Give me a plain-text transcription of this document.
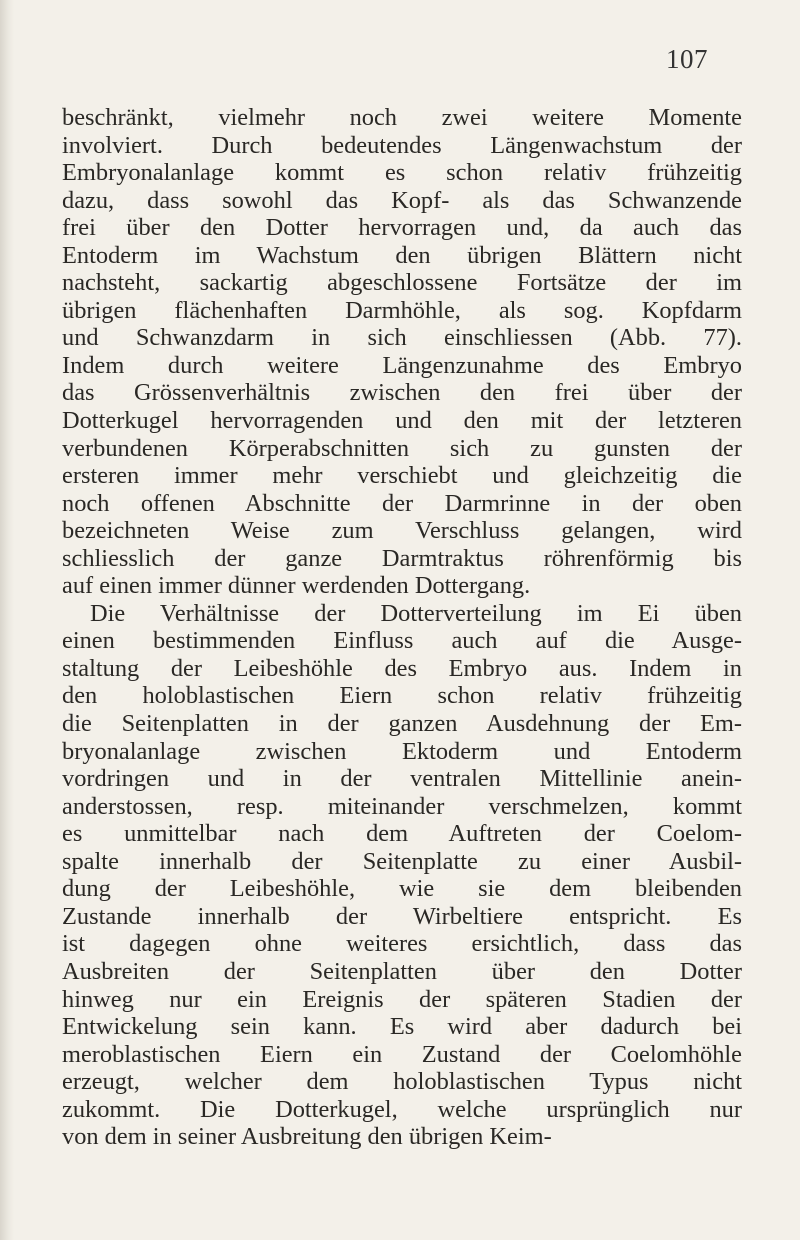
107
beschränkt, vielmehr noch zwei weitere Momente
involviert. Durch bedeutendes Längenwachstum der
Embryonalanlage kommt es schon relativ frühzeitig
dazu, dass sowohl das Kopf- als das Schwanzende
frei über den Dotter hervorragen und, da auch das
Entoderm im Wachstum den übrigen Blättern nicht
nachsteht, sackartig abgeschlossene Fortsätze der im
übrigen flächenhaften Darmhöhle, als sog. Kopfdarm
und Schwanzdarm in sich einschliessen (Abb. 77).
Indem durch weitere Längenzunahme des Embryo
das Grössenverhältnis zwischen den frei über der
Dotterkugel hervorragenden und den mit der letzteren
verbundenen Körperabschnitten sich zu gunsten der
ersteren immer mehr verschiebt und gleichzeitig die
noch offenen Abschnitte der Darmrinne in der oben
bezeichneten Weise zum Verschluss gelangen, wird
schliesslich der ganze Darmtraktus röhrenförmig bis
auf einen immer dünner werdenden Dottergang.
Die Verhältnisse der Dotterverteilung im Ei üben
einen bestimmenden Einfluss auch auf die Ausge-
staltung der Leibeshöhle des Embryo aus. Indem in
den holoblastischen Eiern schon relativ frühzeitig
die Seitenplatten in der ganzen Ausdehnung der Em-
bryonalanlage zwischen Ektoderm und Entoderm
vordringen und in der ventralen Mittellinie anein-
anderstossen, resp. miteinander verschmelzen, kommt
es unmittelbar nach dem Auftreten der Coelom-
spalte innerhalb der Seitenplatte zu einer Ausbil-
dung der Leibeshöhle, wie sie dem bleibenden
Zustande innerhalb der Wirbeltiere entspricht. Es
ist dagegen ohne weiteres ersichtlich, dass das
Ausbreiten der Seitenplatten über den Dotter
hinweg nur ein Ereignis der späteren Stadien der
Entwickelung sein kann. Es wird aber dadurch bei
meroblastischen Eiern ein Zustand der Coelomhöhle
erzeugt, welcher dem holoblastischen Typus nicht
zukommt. Die Dotterkugel, welche ursprünglich nur
von dem in seiner Ausbreitung den übrigen Keim-
